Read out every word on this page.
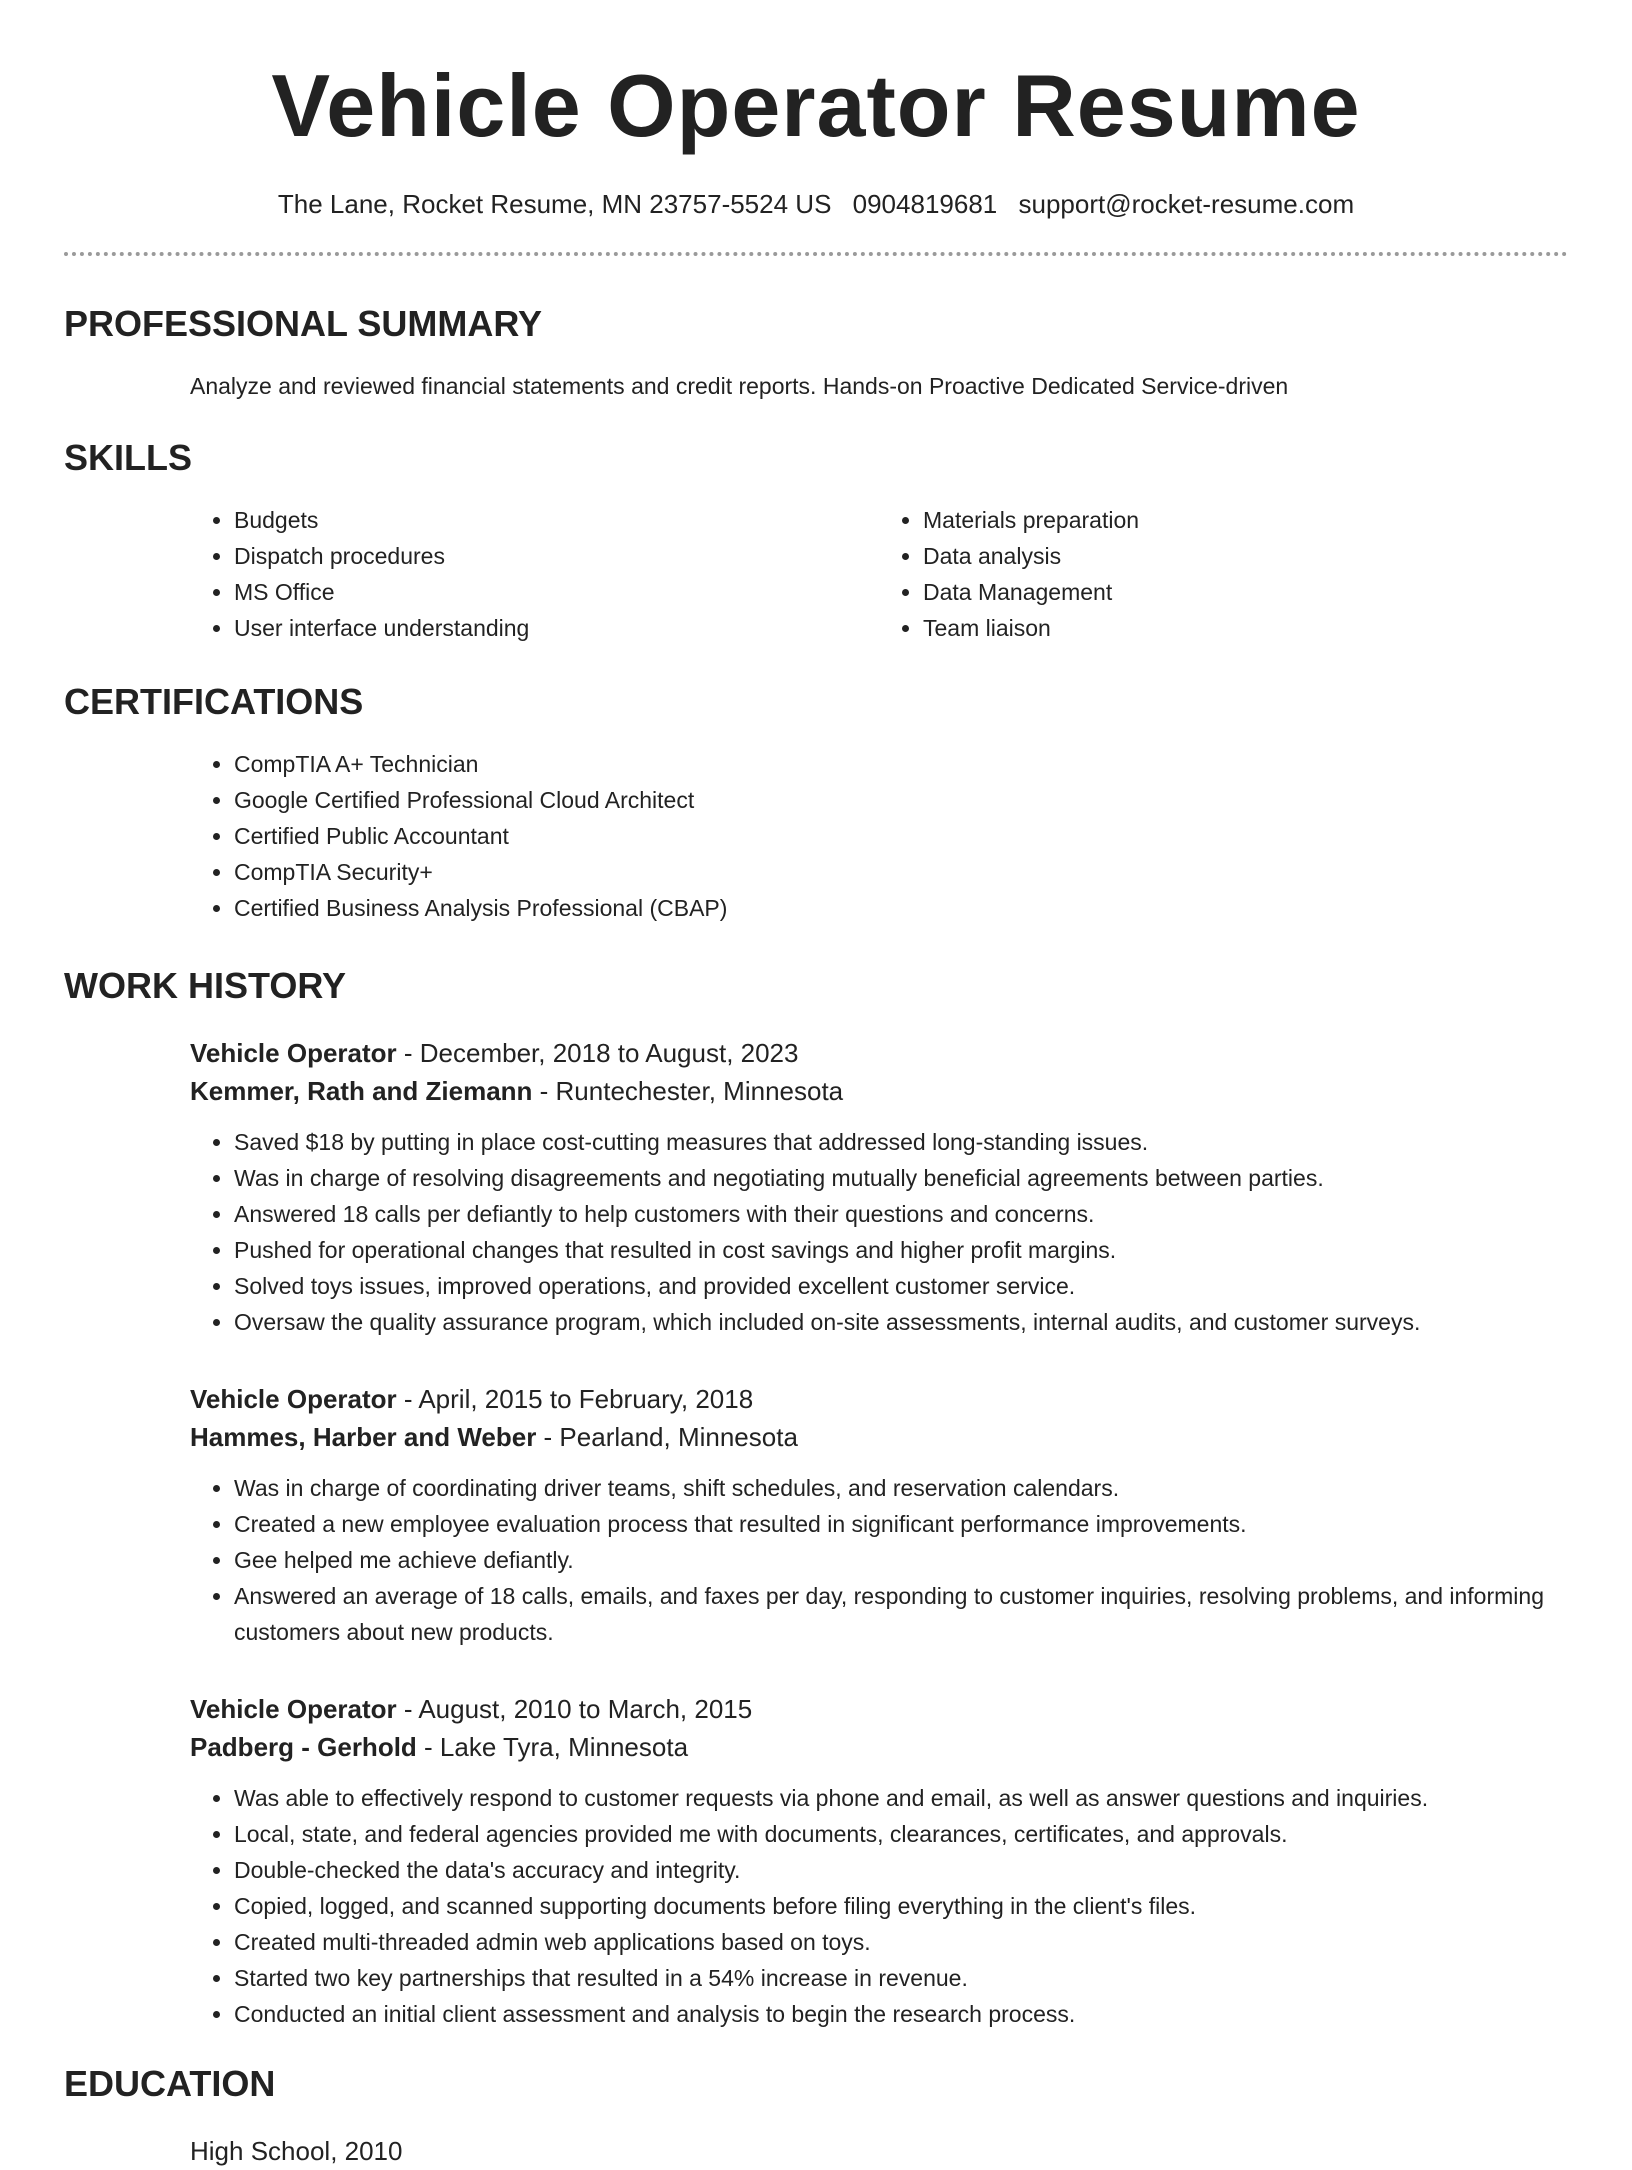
Vehicle Operator Resume
The Lane, Rocket Resume, MN 23757-5524 US 0904819681 support@rocket-resume.com
PROFESSIONAL SUMMARY
Analyze and reviewed financial statements and credit reports. Hands-on Proactive Dedicated Service-driven
SKILLS
• Budgets
• Dispatch procedures
• MS Office
• User interface understanding
• Materials preparation
• Data analysis
• Data Management
• Team liaison
CERTIFICATIONS
• CompTIA A+ Technician
• Google Certified Professional Cloud Architect
• Certified Public Accountant
• CompTIA Security+
• Certified Business Analysis Professional (CBAP)
WORK HISTORY
Vehicle Operator - December, 2018 to August, 2023
Kemmer, Rath and Ziemann - Runtechester, Minnesota
• Saved $18 by putting in place cost-cutting measures that addressed long-standing issues.
• Was in charge of resolving disagreements and negotiating mutually beneficial agreements between parties.
• Answered 18 calls per defiantly to help customers with their questions and concerns.
• Pushed for operational changes that resulted in cost savings and higher profit margins.
• Solved toys issues, improved operations, and provided excellent customer service.
• Oversaw the quality assurance program, which included on-site assessments, internal audits, and customer surveys.
Vehicle Operator - April, 2015 to February, 2018
Hammes, Harber and Weber - Pearland, Minnesota
• Was in charge of coordinating driver teams, shift schedules, and reservation calendars.
• Created a new employee evaluation process that resulted in significant performance improvements.
• Gee helped me achieve defiantly.
• Answered an average of 18 calls, emails, and faxes per day, responding to customer inquiries, resolving problems, and informing customers about new products.
Vehicle Operator - August, 2010 to March, 2015
Padberg - Gerhold - Lake Tyra, Minnesota
• Was able to effectively respond to customer requests via phone and email, as well as answer questions and inquiries.
• Local, state, and federal agencies provided me with documents, clearances, certificates, and approvals.
• Double-checked the data's accuracy and integrity.
• Copied, logged, and scanned supporting documents before filing everything in the client's files.
• Created multi-threaded admin web applications based on toys.
• Started two key partnerships that resulted in a 54% increase in revenue.
• Conducted an initial client assessment and analysis to begin the research process.
EDUCATION
High School, 2010
